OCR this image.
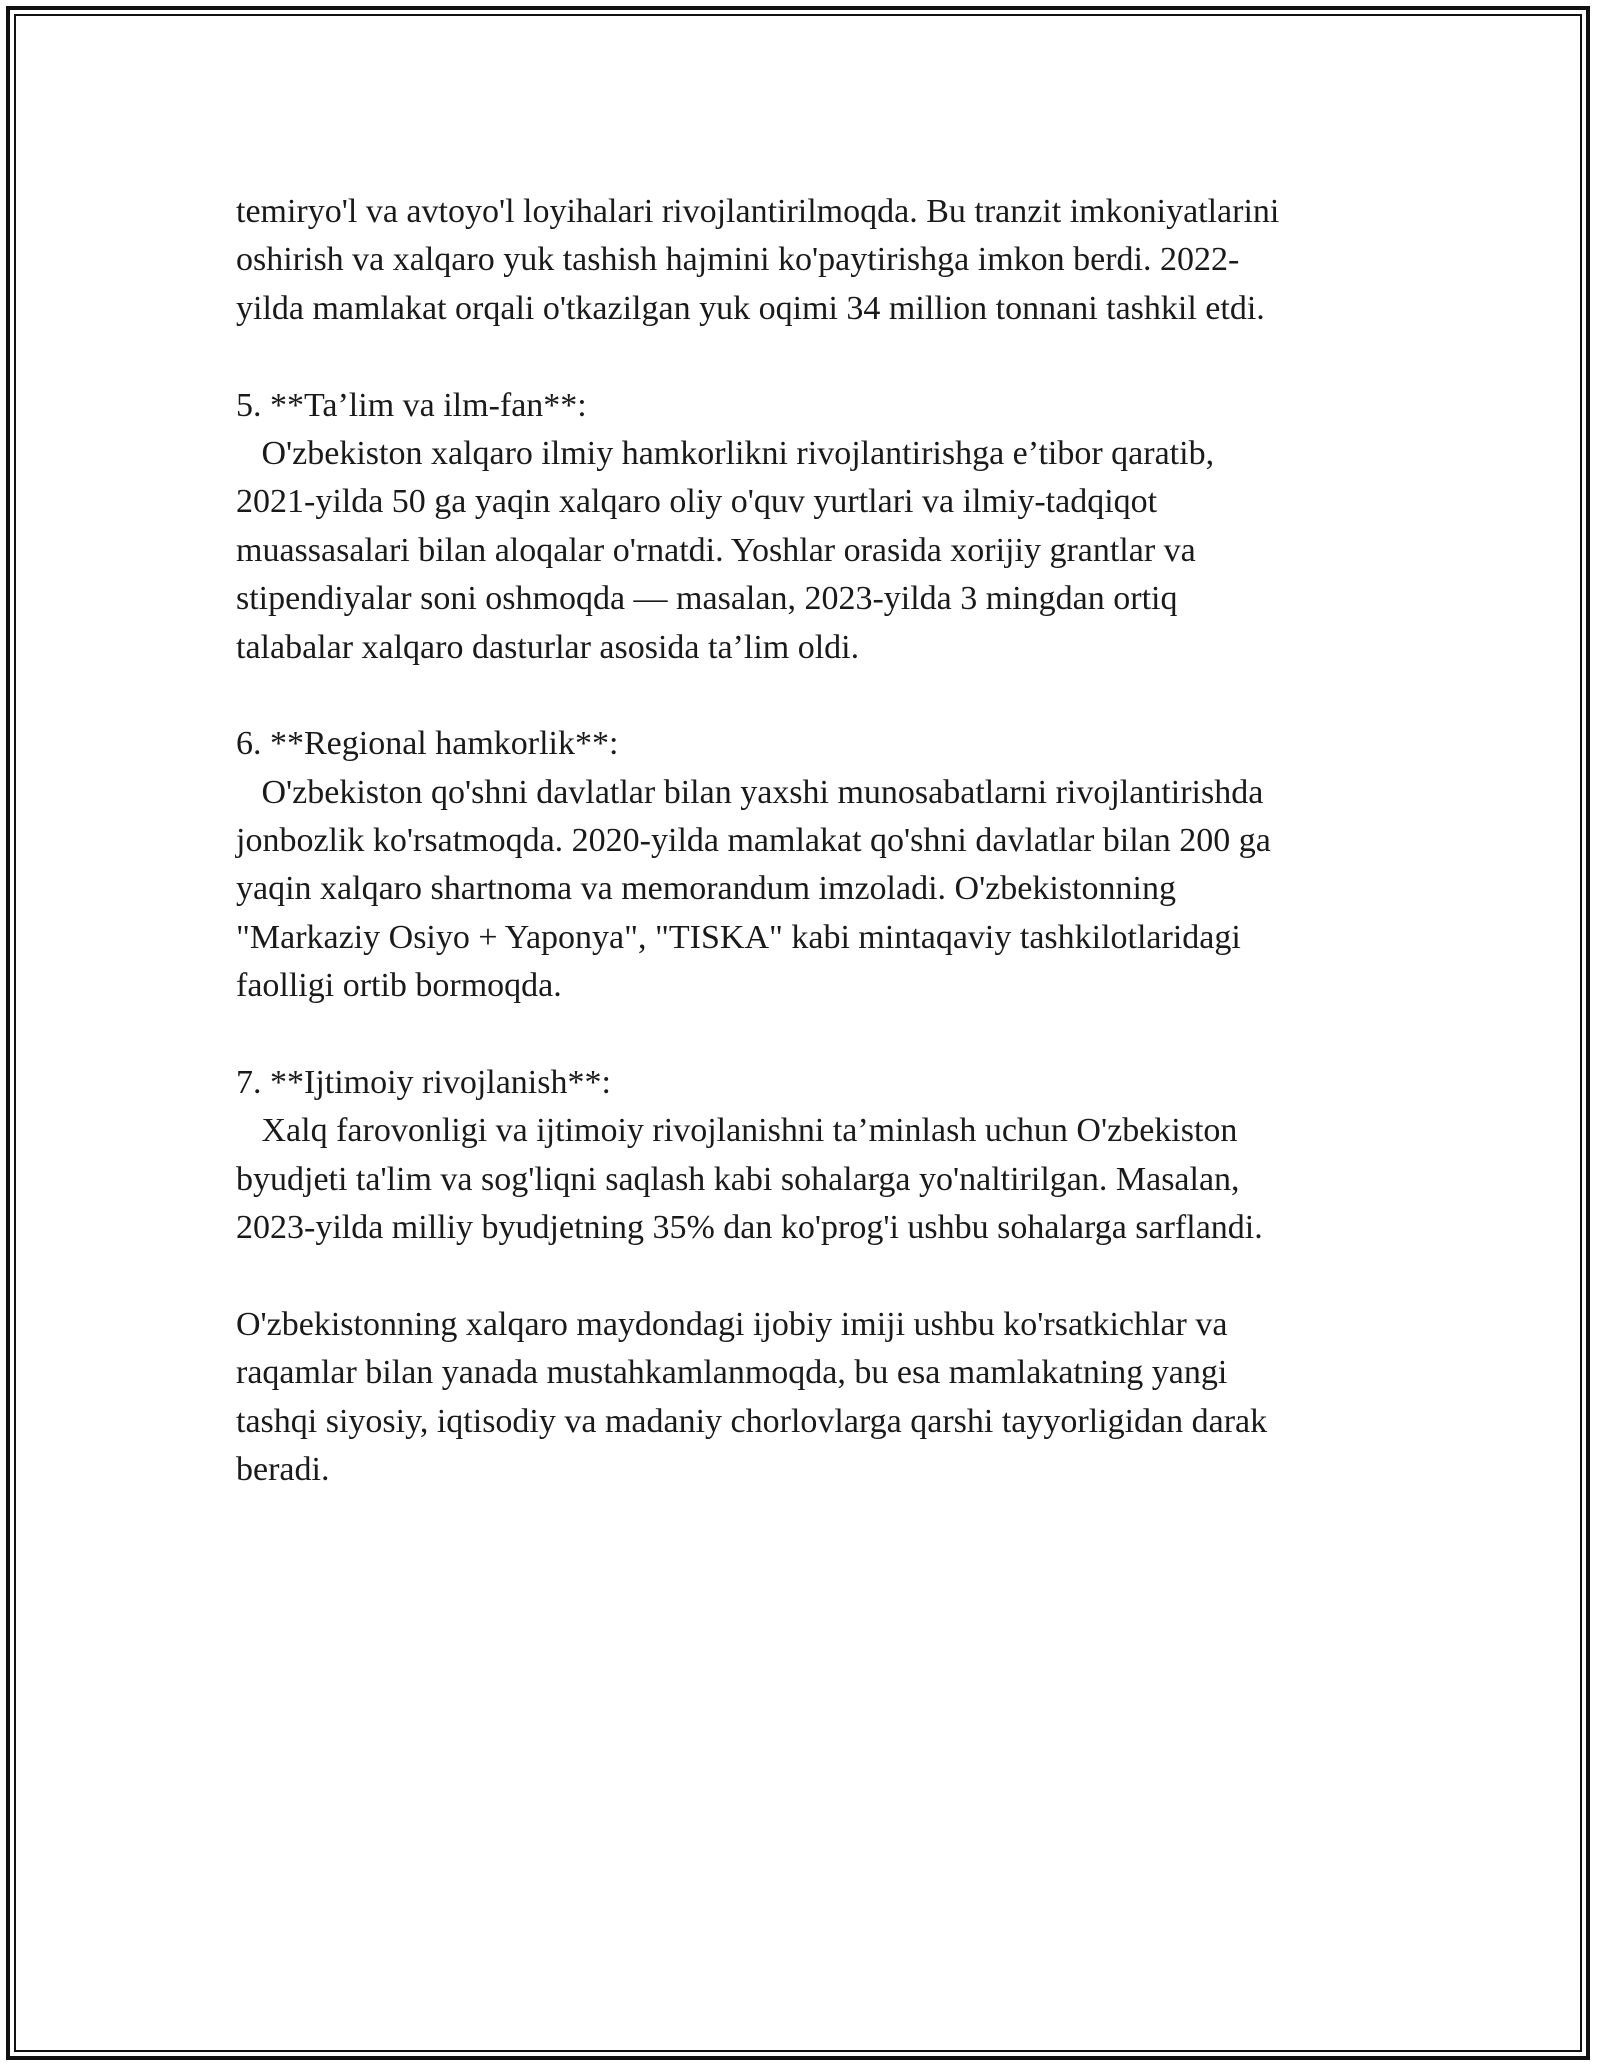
temiryo'l va avtoyo'l loyihalari rivojlantirilmoqda. Bu tranzit imkoniyatlarini
oshirish va xalqaro yuk tashish hajmini ko'paytirishga imkon berdi. 2022-
yilda mamlakat orqali o'tkazilgan yuk oqimi 34 million tonnani tashkil etdi.
5. **Ta’lim va ilm-fan**:
O'zbekiston xalqaro ilmiy hamkorlikni rivojlantirishga e’tibor qaratib,
2021-yilda 50 ga yaqin xalqaro oliy o'quv yurtlari va ilmiy-tadqiqot
muassasalari bilan aloqalar o'rnatdi. Yoshlar orasida xorijiy grantlar va
stipendiyalar soni oshmoqda — masalan, 2023-yilda 3 mingdan ortiq
talabalar xalqaro dasturlar asosida ta’lim oldi.
6. **Regional hamkorlik**:
O'zbekiston qo'shni davlatlar bilan yaxshi munosabatlarni rivojlantirishda
jonbozlik ko'rsatmoqda. 2020-yilda mamlakat qo'shni davlatlar bilan 200 ga
yaqin xalqaro shartnoma va memorandum imzoladi. O'zbekistonning
"Markaziy Osiyo + Yaponya", "TISKA" kabi mintaqaviy tashkilotlaridagi
faolligi ortib bormoqda.
7. **Ijtimoiy rivojlanish**:
Xalq farovonligi va ijtimoiy rivojlanishni ta’minlash uchun O'zbekiston
byudjeti ta'lim va sog'liqni saqlash kabi sohalarga yo'naltirilgan. Masalan,
2023-yilda milliy byudjetning 35% dan ko'prog'i ushbu sohalarga sarflandi.
O'zbekistonning xalqaro maydondagi ijobiy imiji ushbu ko'rsatkichlar va
raqamlar bilan yanada mustahkamlanmoqda, bu esa mamlakatning yangi
tashqi siyosiy, iqtisodiy va madaniy chorlovlarga qarshi tayyorligidan darak
beradi.
